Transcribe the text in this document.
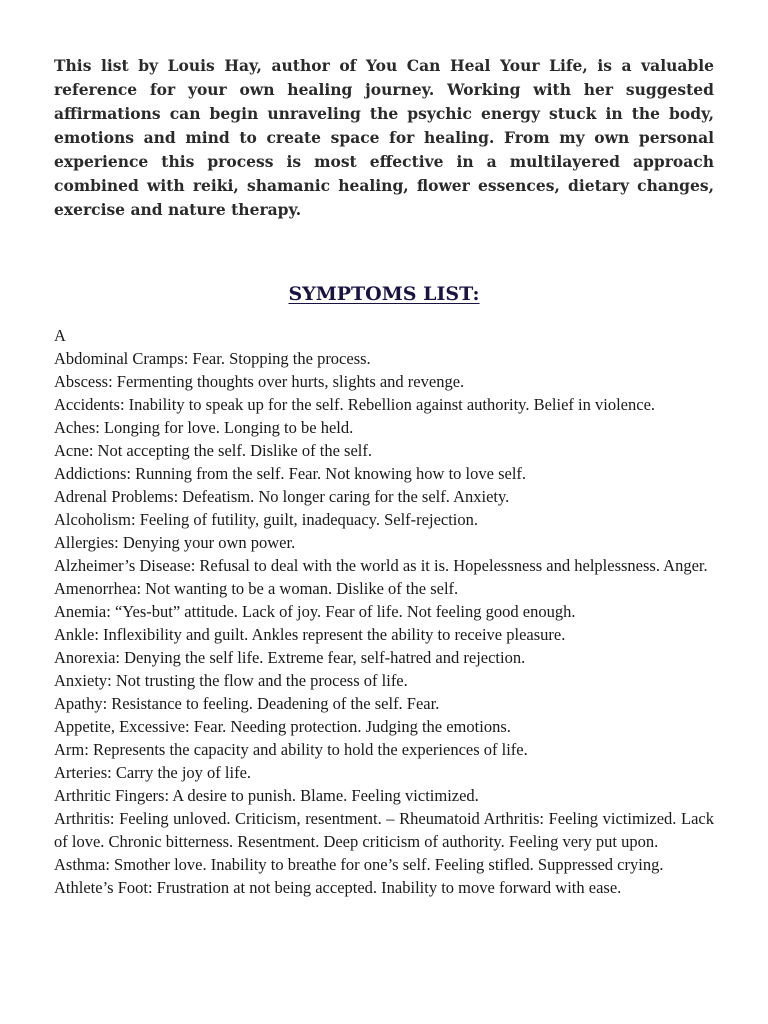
This list by Louis Hay, author of You Can Heal Your Life, is a valuable reference for your own healing journey. Working with her suggested affirmations can begin unraveling the psychic energy stuck in the body, emotions and mind to create space for healing. From my own personal experience this process is most effective in a multilayered approach combined with reiki, shamanic healing, flower essences, dietary changes, exercise and nature therapy.

SYMPTOMS LIST:
A
Abdominal Cramps: Fear. Stopping the process.
Abscess: Fermenting thoughts over hurts, slights and revenge.
Accidents: Inability to speak up for the self. Rebellion against authority. Belief in violence.
Aches: Longing for love. Longing to be held.
Acne: Not accepting the self. Dislike of the self.
Addictions: Running from the self. Fear. Not knowing how to love self.
Adrenal Problems: Defeatism. No longer caring for the self. Anxiety.
Alcoholism: Feeling of futility, guilt, inadequacy. Self-rejection.
Allergies: Denying your own power.
Alzheimer’s Disease: Refusal to deal with the world as it is. Hopelessness and helplessness. Anger.
Amenorrhea: Not wanting to be a woman. Dislike of the self.
Anemia: “Yes-but” attitude. Lack of joy. Fear of life. Not feeling good enough.
Ankle: Inflexibility and guilt. Ankles represent the ability to receive pleasure.
Anorexia: Denying the self life. Extreme fear, self-hatred and rejection.
Anxiety: Not trusting the flow and the process of life.
Apathy: Resistance to feeling. Deadening of the self. Fear.
Appetite, Excessive: Fear. Needing protection. Judging the emotions.
Arm: Represents the capacity and ability to hold the experiences of life.
Arteries: Carry the joy of life.
Arthritic Fingers: A desire to punish. Blame. Feeling victimized.
Arthritis: Feeling unloved. Criticism, resentment. – Rheumatoid Arthritis: Feeling victimized. Lack of love. Chronic bitterness. Resentment. Deep criticism of authority. Feeling very put upon.
Asthma: Smother love. Inability to breathe for one’s self. Feeling stifled. Suppressed crying.
Athlete’s Foot: Frustration at not being accepted. Inability to move forward with ease.
